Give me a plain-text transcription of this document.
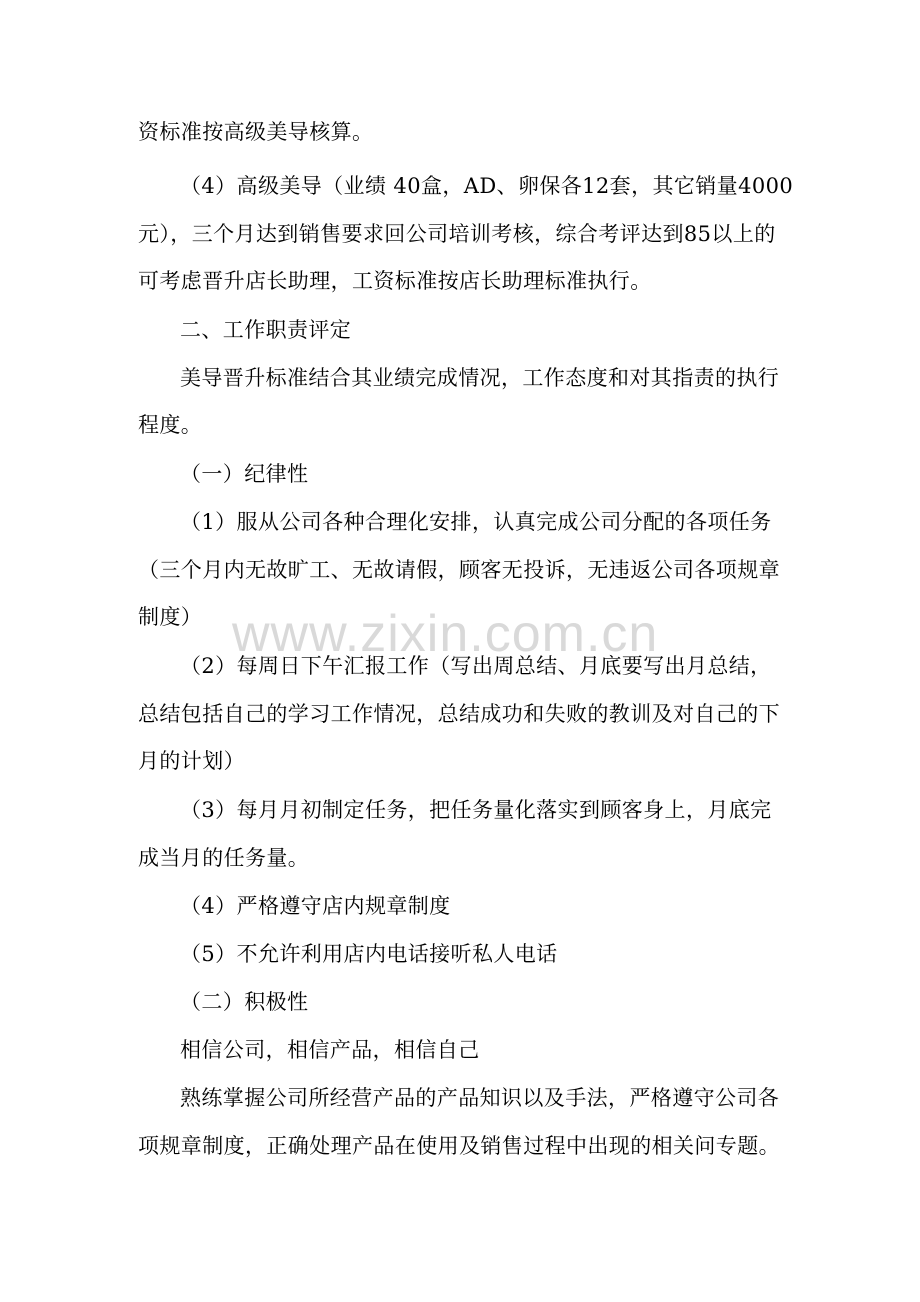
资标准按高级美导核算。
（4）高级美导（业绩 40盒，AD、卵保各12套，其它销量4000
元），三个月达到销售要求回公司培训考核，综合考评达到85以上的
可考虑晋升店长助理，工资标准按店长助理标准执行。
二、工作职责评定
美导晋升标准结合其业绩完成情况，工作态度和对其指责的执行
程度。
（一）纪律性
（1）服从公司各种合理化安排，认真完成公司分配的各项任务
（三个月内无故旷工、无故请假，顾客无投诉，无违返公司各项规章
制度）
（2）每周日下午汇报工作（写出周总结、月底要写出月总结，
总结包括自己的学习工作情况，总结成功和失败的教训及对自己的下
月的计划）
（3）每月月初制定任务，把任务量化落实到顾客身上，月底完
成当月的任务量。
（4）严格遵守店内规章制度
（5）不允许利用店内电话接听私人电话
（二）积极性
相信公司，相信产品，相信自己
熟练掌握公司所经营产品的产品知识以及手法，严格遵守公司各
项规章制度，正确处理产品在使用及销售过程中出现的相关问专题。
www.zixin.com.cn
